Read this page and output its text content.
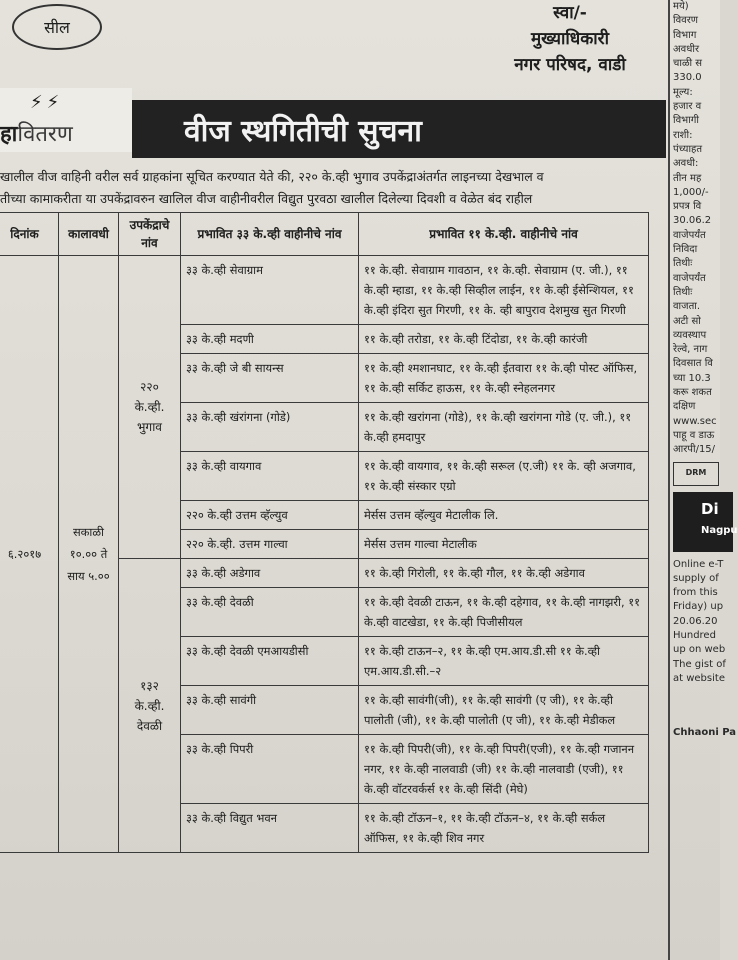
सील
स्वा/-
मुख्याधिकारी
नगर परिषद, वाडी
मये)
विवरण
विभाग
अवधीर
चाळी स
330.0
मूल्य:
हजार व
विभागी
राशी:
पंच्याहत
अवधी:
तीन मह
1,000/-
प्रपत्र वि
30.06.2
वाजेपर्यंत
निविदा
तिथीः
वाजेपर्यंत
तिथीः
वाजता.
अटी सो
व्यवस्थाप
रेल्वे, नाग
दिवसात वि
च्या 10.3
करू शकत
दक्षिण
www.sec
पाहू व डाऊ
आरपी/15/
DRM
Di
Nagpu
Online e-T
supply of
from this
Friday) up
20.06.20
Hundred
up on web
The gist of
at website
Chhaoni Pa
⚡⚡
हावितरण	वीज स्थगितीची सुचना
खालील वीज वाहिनी वरील सर्व ग्राहकांना सूचित करण्यात येते की, २२० के.व्ही भुगाव उपकेंद्राअंतर्गत लाइनच्या देखभाल व
तीच्या कामाकरीता या उपकेंद्रावरुन खालिल वीज वाहीनीवरील विद्युत पुरवठा खालील दिलेल्या दिवशी व वेळेत बंद राहील
दिनांक	कालावधी	उपकेंद्राचे नांव	प्रभावित ३३ के.व्ही वाहीनीचे नांव	प्रभावित ११ के.व्ही. वाहीनीचे नांव
६.२०१७	सकाळी १०.०० ते साय ५.००	२२० के.व्ही. भुगाव	३३ के.व्ही सेवाग्राम	११ के.व्ही. सेवाग्राम गावठान, ११ के.व्ही. सेवाग्राम (ए. जी.), ११ के.व्ही म्हाडा, ११ के.व्ही सिव्हील लाईन, ११ के.व्ही ईसेन्शियल, ११ के.व्ही इंदिरा सुत गिरणी, ११ के. व्ही बापुराव देशमुख सुत गिरणी
			३३ के.व्ही मदणी	११ के.व्ही तरोडा, ११ के.व्ही टिंदोडा, ११ के.व्ही कारंजी
			३३ के.व्ही जे बी सायन्स	११ के.व्ही श्मशानघाट, ११ के.व्ही ईतवारा ११ के.व्ही पोस्ट ऑफिस, ११ के.व्ही सर्किट हाऊस, ११ के.व्ही स्नेहलनगर
			३३ के.व्ही खंरांगना (गोडे)	११ के.व्ही खरांगना (गोडे), ११ के.व्ही खरांगना गोडे (ए. जी.), ११ के.व्ही हमदापुर
			३३ के.व्ही वायगाव	११ के.व्ही वायगाव, ११ के.व्ही सरूल (ए.जी) ११ के. व्ही अजगाव, ११ के.व्ही संस्कार एग्रो
			२२० के.व्ही उत्तम व्हॅल्युव	मेर्सस उत्तम व्हॅल्युव मेटालीक लि.
			२२० के.व्ही. उत्तम गाल्वा	मेर्सस उत्तम गाल्वा मेटालीक
		१३२ के.व्ही. देवळी	३३ के.व्ही अडेगाव	११ के.व्ही गिरोली, ११ के.व्ही गौल, ११ के.व्ही अडेगाव
			३३ के.व्ही देवळी	११ के.व्ही देवळी टाऊन, ११ के.व्ही दहेगाव, ११ के.व्ही नागझरी, ११ के.व्ही वाटखेडा, ११ के.व्ही पिजीसीयल
			३३ के.व्ही देवळी एमआयडीसी	११ के.व्ही टाऊन–२, ११ के.व्ही एम.आय.डी.सी ११ के.व्ही एम.आय.डी.सी.–२
			३३ के.व्ही सावंगी	११ के.व्ही सावंगी(जी), ११ के.व्ही सावंगी (ए जी), ११ के.व्ही पालोती (जी), ११ के.व्ही पालोती (ए जी), ११ के.व्ही मेडीकल
			३३ के.व्ही पिपरी	११ के.व्ही पिपरी(जी), ११ के.व्ही पिपरी(एजी), ११ के.व्ही गजानन नगर, ११ के.व्ही नालवाडी (जी) ११ के.व्ही नालवाडी (एजी), ११ के.व्ही वॉटरवर्कर्स ११ के.व्ही सिंदी (मेघे)
			३३ के.व्ही विद्युत भवन	११ के.व्ही टॉऊन–१, ११ के.व्ही टॉऊन–४, ११ के.व्ही सर्कल ऑफिस, ११ के.व्ही शिव नगर
